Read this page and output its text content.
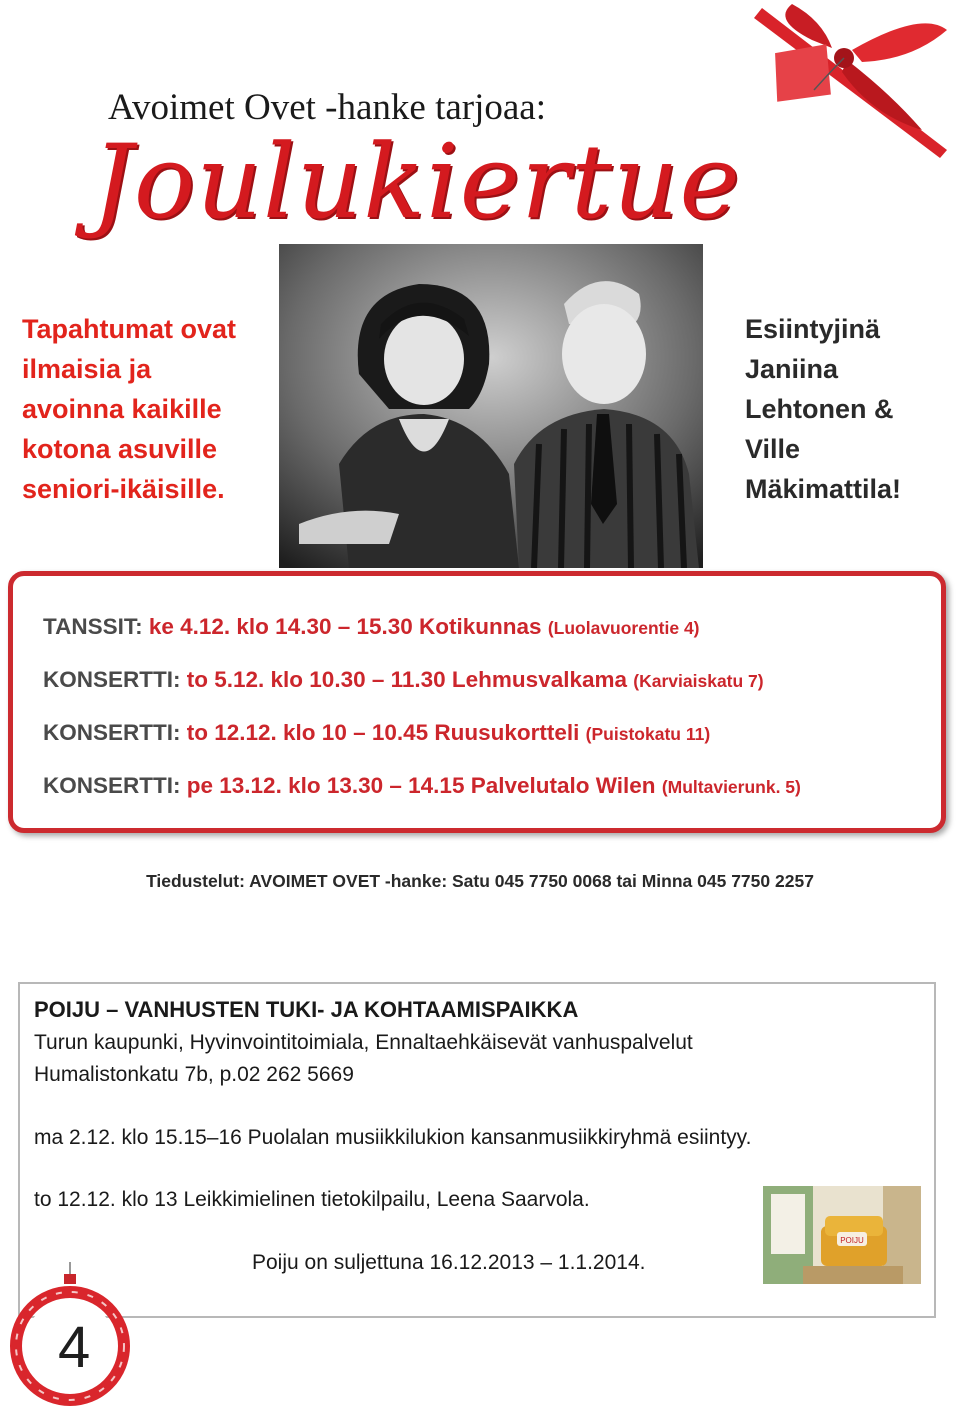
Avoimet Ovet -hanke tarjoaa:
Joulukiertue
Tapahtumat ovat
ilmaisia ja
avoinna kaikille
kotona asuville
seniori-ikäisille.
Esiintyjinä
Janiina
Lehtonen &
Ville
Mäkimattila!
TANSSIT: ke 4.12. klo 14.30 – 15.30 Kotikunnas (Luolavuorentie 4)
KONSERTTI: to 5.12. klo 10.30 – 11.30 Lehmusvalkama (Karviaiskatu 7)
KONSERTTI: to 12.12. klo 10 – 10.45 Ruusukortteli (Puistokatu 11)
KONSERTTI: pe 13.12. klo 13.30 – 14.15 Palvelutalo Wilen (Multavierunk. 5)
Tiedustelut: AVOIMET OVET -hanke: Satu 045 7750 0068 tai Minna 045 7750 2257
POIJU – VANHUSTEN TUKI- JA KOHTAAMISPAIKKA
Turun kaupunki, Hyvinvointitoimiala, Ennaltaehkäisevät vanhuspalvelut
Humalistonkatu 7b, p.02 262 5669
ma 2.12. klo 15.15–16 Puolalan musiikkilukion kansanmusiikkiryhmä esiintyy.
to 12.12. klo 13 Leikkimielinen tietokilpailu, Leena Saarvola.
Poiju on suljettuna 16.12.2013 – 1.1.2014.
POIJU
4
